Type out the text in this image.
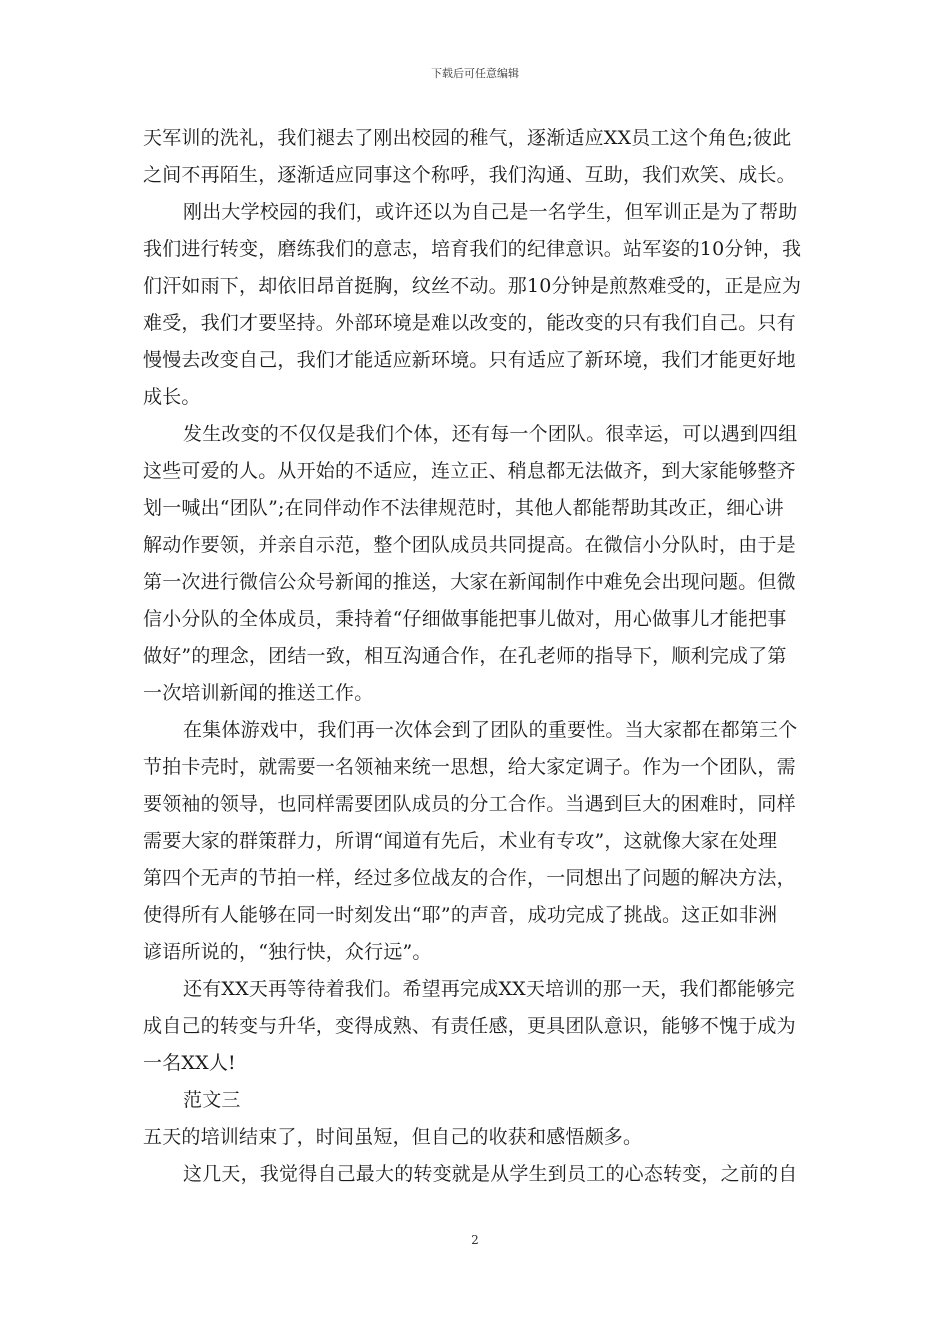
下载后可任意编辑
天军训的洗礼，我们褪去了刚出校园的稚气，逐渐适应XX员工这个角色;彼此
之间不再陌生，逐渐适应同事这个称呼，我们沟通、互助，我们欢笑、成长。
刚出大学校园的我们，或许还以为自己是一名学生，但军训正是为了帮助
我们进行转变，磨练我们的意志，培育我们的纪律意识。站军姿的10分钟，我
们汗如雨下，却依旧昂首挺胸，纹丝不动。那10分钟是煎熬难受的，正是应为
难受，我们才要坚持。外部环境是难以改变的，能改变的只有我们自己。只有
慢慢去改变自己，我们才能适应新环境。只有适应了新环境，我们才能更好地
成长。
发生改变的不仅仅是我们个体，还有每一个团队。很幸运，可以遇到四组
这些可爱的人。从开始的不适应，连立正、稍息都无法做齐，到大家能够整齐
划一喊出“团队”;在同伴动作不法律规范时，其他人都能帮助其改正，细心讲
解动作要领，并亲自示范，整个团队成员共同提高。在微信小分队时，由于是
第一次进行微信公众号新闻的推送，大家在新闻制作中难免会出现问题。但微
信小分队的全体成员，秉持着“仔细做事能把事儿做对，用心做事儿才能把事
做好”的理念，团结一致，相互沟通合作，在孔老师的指导下，顺利完成了第
一次培训新闻的推送工作。
在集体游戏中，我们再一次体会到了团队的重要性。当大家都在都第三个
节拍卡壳时，就需要一名领袖来统一思想，给大家定调子。作为一个团队，需
要领袖的领导，也同样需要团队成员的分工合作。当遇到巨大的困难时，同样
需要大家的群策群力，所谓“闻道有先后，术业有专攻”，这就像大家在处理
第四个无声的节拍一样，经过多位战友的合作，一同想出了问题的解决方法，
使得所有人能够在同一时刻发出“耶”的声音，成功完成了挑战。这正如非洲
谚语所说的，“独行快，众行远”。
还有XX天再等待着我们。希望再完成XX天培训的那一天，我们都能够完
成自己的转变与升华，变得成熟、有责任感，更具团队意识，能够不愧于成为
一名XX人!
范文三
五天的培训结束了，时间虽短，但自己的收获和感悟颇多。
这几天，我觉得自己最大的转变就是从学生到员工的心态转变，之前的自
2
